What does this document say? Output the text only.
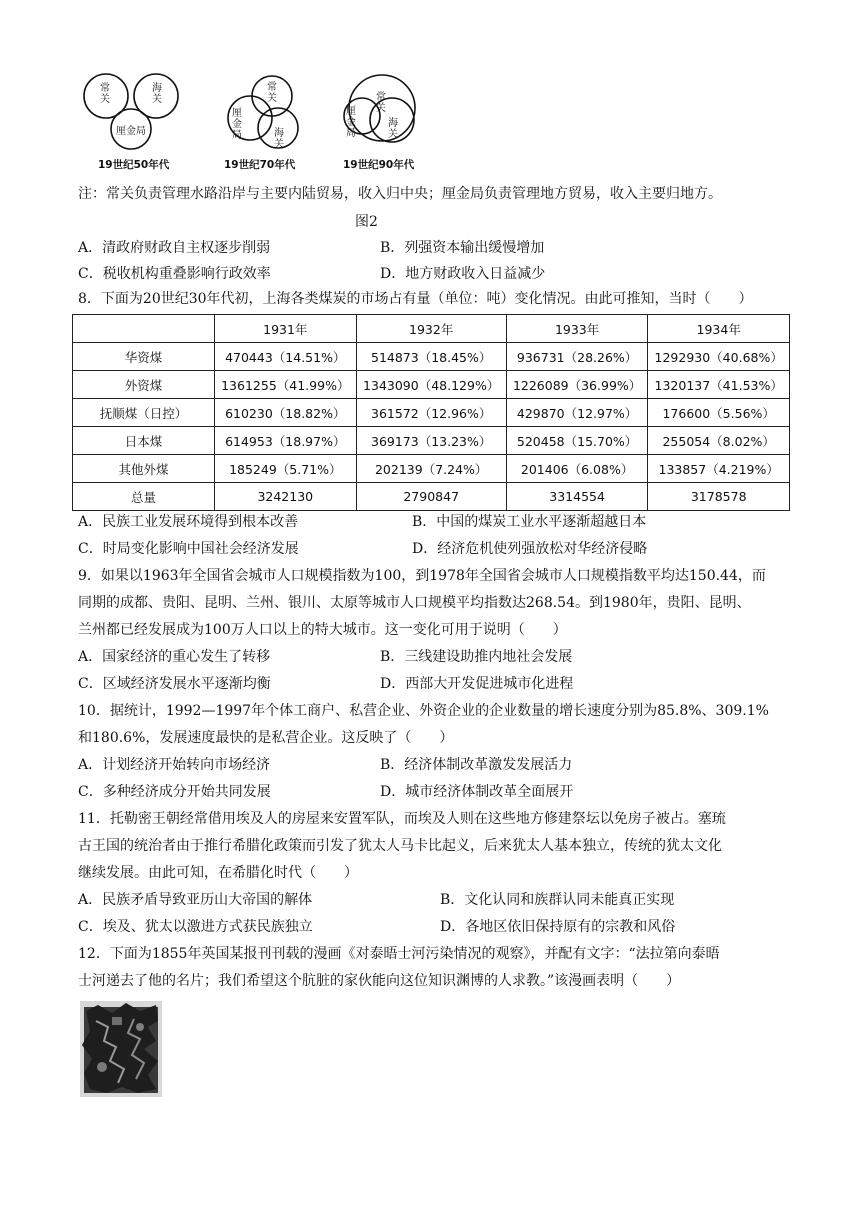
常关
海关
厘金局
19世纪50年代
常关
厘金局	海关
19世纪70年代
常关
厘金局
海关
19世纪90年代
注：常关负责管理水路沿岸与主要内陆贸易，收入归中央；厘金局负责管理地方贸易，收入主要归地方。
图2
A．清政府财政自主权逐步削弱	B．列强资本输出缓慢增加
C．税收机构重叠影响行政效率	D．地方财政收入日益减少
8．下面为20世纪30年代初，上海各类煤炭的市场占有量（单位：吨）变化情况。由此可推知，当时（　　）
	1931年	1932年	1933年	1934年
华资煤	470443（14.51%）	514873（18.45%）	936731（28.26%）	1292930（40.68%）
外资煤	1361255（41.99%）	1343090（48.129%）	1226089（36.99%）	1320137（41.53%）
抚顺煤（日控）	610230（18.82%）	361572（12.96%）	429870（12.97%）	176600（5.56%）
日本煤	614953（18.97%）	369173（13.23%）	520458（15.70%）	255054（8.02%）
其他外煤	185249（5.71%）	202139（7.24%）	201406（6.08%）	133857（4.219%）
总量	3242130	2790847	3314554	3178578
A．民族工业发展环境得到根本改善	B．中国的煤炭工业水平逐渐超越日本
C．时局变化影响中国社会经济发展	D．经济危机使列强放松对华经济侵略
9．如果以1963年全国省会城市人口规模指数为100，到1978年全国省会城市人口规模指数平均达150.44，而
同期的成都、贵阳、昆明、兰州、银川、太原等城市人口规模平均指数达268.54。到1980年，贵阳、昆明、
兰州都已经发展成为100万人口以上的特大城市。这一变化可用于说明（　　）
A．国家经济的重心发生了转移	B．三线建设助推内地社会发展
C．区域经济发展水平逐渐均衡	D．西部大开发促进城市化进程
10．据统计，1992—1997年个体工商户、私营企业、外资企业的企业数量的增长速度分别为85.8%、309.1%
和180.6%，发展速度最快的是私营企业。这反映了（　　）
A．计划经济开始转向市场经济	B．经济体制改革激发发展活力
C．多种经济成分开始共同发展	D．城市经济体制改革全面展开
11．托勒密王朝经常借用埃及人的房屋来安置军队，而埃及人则在这些地方修建祭坛以免房子被占。塞琉
古王国的统治者由于推行希腊化政策而引发了犹太人马卡比起义，后来犹太人基本独立，传统的犹太文化
继续发展。由此可知，在希腊化时代（　　）
A．民族矛盾导致亚历山大帝国的解体	B．文化认同和族群认同未能真正实现
C．埃及、犹太以激进方式获民族独立	D．各地区依旧保持原有的宗教和风俗
12．下面为1855年英国某报刊刊载的漫画《对泰晤士河污染情况的观察》，并配有文字：“法拉第向泰晤
士河递去了他的名片；我们希望这个肮脏的家伙能向这位知识渊博的人求教。”该漫画表明（　　）
